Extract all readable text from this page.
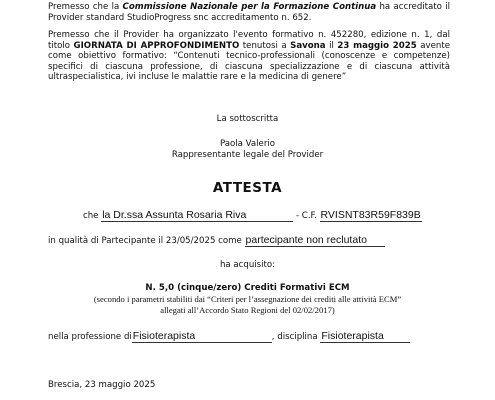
Premesso che la Commissione Nazionale per la Formazione Continua ha accreditato il Provider standard StudioProgress snc accreditamento n. 652.
Premesso che il Provider ha organizzato l'evento formativo n. 452280, edizione n. 1, dal titolo GIORNATA DI APPROFONDIMENTO tenutosi a Savona il 23 maggio 2025 avente come obiettivo formativo: “Contenuti tecnico-professionali (conoscenze e competenze) specifici di ciascuna professione, di ciascuna specializzazione e di ciascuna attività ultraspecialistica, ivi incluse le malattie rare e la medicina di genere”
La sottoscritta
Paola Valerio
Rappresentante legale del Provider
ATTESTA
che la Dr.ssa Assunta Rosaria Riva	- C.F. RVISNT83R59F839B
in qualità di Partecipante il 23/05/2025 come partecipante non reclutato
ha acquisito:
N. 5,0 (cinque/zero) Crediti Formativi ECM
(secondo i parametri stabiliti dai “Criteri per l’assegnazione dei crediti alle attività ECM”
allegati all’Accordo Stato Regioni del 02/02/2017)
nella professione diFisioterapista	, disciplina Fisioterapista
Brescia, 23 maggio 2025
